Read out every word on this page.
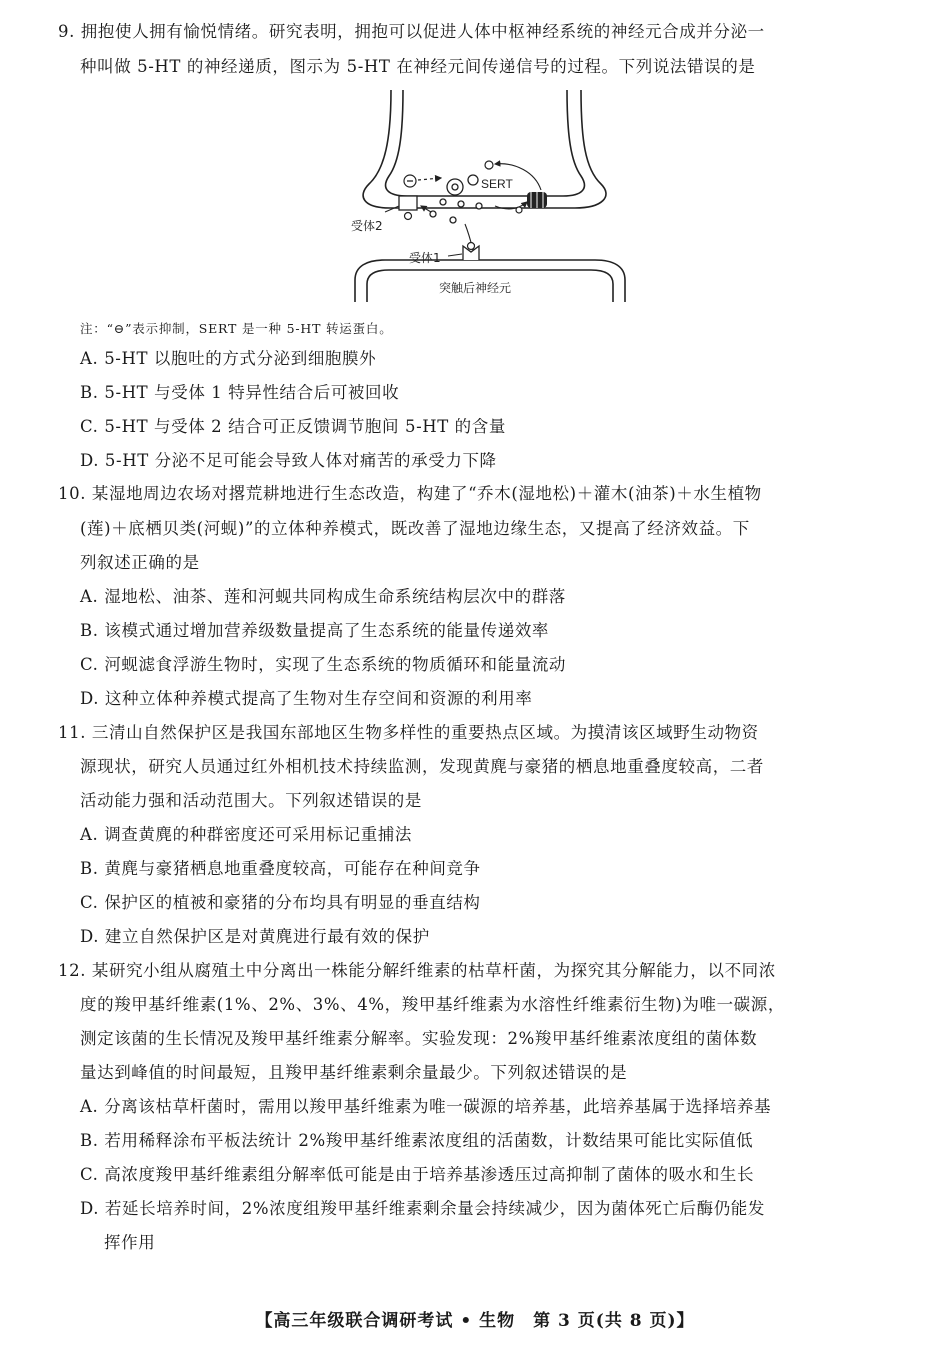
9. 拥抱使人拥有愉悦情绪。研究表明，拥抱可以促进人体中枢神经系统的神经元合成并分泌一
种叫做 5-HT 的神经递质，图示为 5-HT 在神经元间传递信号的过程。下列说法错误的是
SERT
受体2
受体1
突触后神经元
注：“⊖”表示抑制，SERT 是一种 5-HT 转运蛋白。
A. 5-HT 以胞吐的方式分泌到细胞膜外
B. 5-HT 与受体 1 特异性结合后可被回收
C. 5-HT 与受体 2 结合可正反馈调节胞间 5-HT 的含量
D. 5-HT 分泌不足可能会导致人体对痛苦的承受力下降
10. 某湿地周边农场对撂荒耕地进行生态改造，构建了“乔木(湿地松)＋灌木(油茶)＋水生植物
(莲)＋底栖贝类(河蚬)”的立体种养模式，既改善了湿地边缘生态，又提高了经济效益。下
列叙述正确的是
A. 湿地松、油茶、莲和河蚬共同构成生命系统结构层次中的群落
B. 该模式通过增加营养级数量提高了生态系统的能量传递效率
C. 河蚬滤食浮游生物时，实现了生态系统的物质循环和能量流动
D. 这种立体种养模式提高了生物对生存空间和资源的利用率
11. 三清山自然保护区是我国东部地区生物多样性的重要热点区域。为摸清该区域野生动物资
源现状，研究人员通过红外相机技术持续监测，发现黄麂与豪猪的栖息地重叠度较高，二者
活动能力强和活动范围大。下列叙述错误的是
A. 调查黄麂的种群密度还可采用标记重捕法
B. 黄麂与豪猪栖息地重叠度较高，可能存在种间竞争
C. 保护区的植被和豪猪的分布均具有明显的垂直结构
D. 建立自然保护区是对黄麂进行最有效的保护
12. 某研究小组从腐殖土中分离出一株能分解纤维素的枯草杆菌，为探究其分解能力，以不同浓
度的羧甲基纤维素(1%、2%、3%、4%，羧甲基纤维素为水溶性纤维素衍生物)为唯一碳源，
测定该菌的生长情况及羧甲基纤维素分解率。实验发现：2%羧甲基纤维素浓度组的菌体数
量达到峰值的时间最短，且羧甲基纤维素剩余量最少。下列叙述错误的是
A. 分离该枯草杆菌时，需用以羧甲基纤维素为唯一碳源的培养基，此培养基属于选择培养基
B. 若用稀释涂布平板法统计 2%羧甲基纤维素浓度组的活菌数，计数结果可能比实际值低
C. 高浓度羧甲基纤维素组分解率低可能是由于培养基渗透压过高抑制了菌体的吸水和生长
D. 若延长培养时间，2%浓度组羧甲基纤维素剩余量会持续减少，因为菌体死亡后酶仍能发
挥作用
【高三年级联合调研考试 • 生物　第 3 页(共 8 页)】
